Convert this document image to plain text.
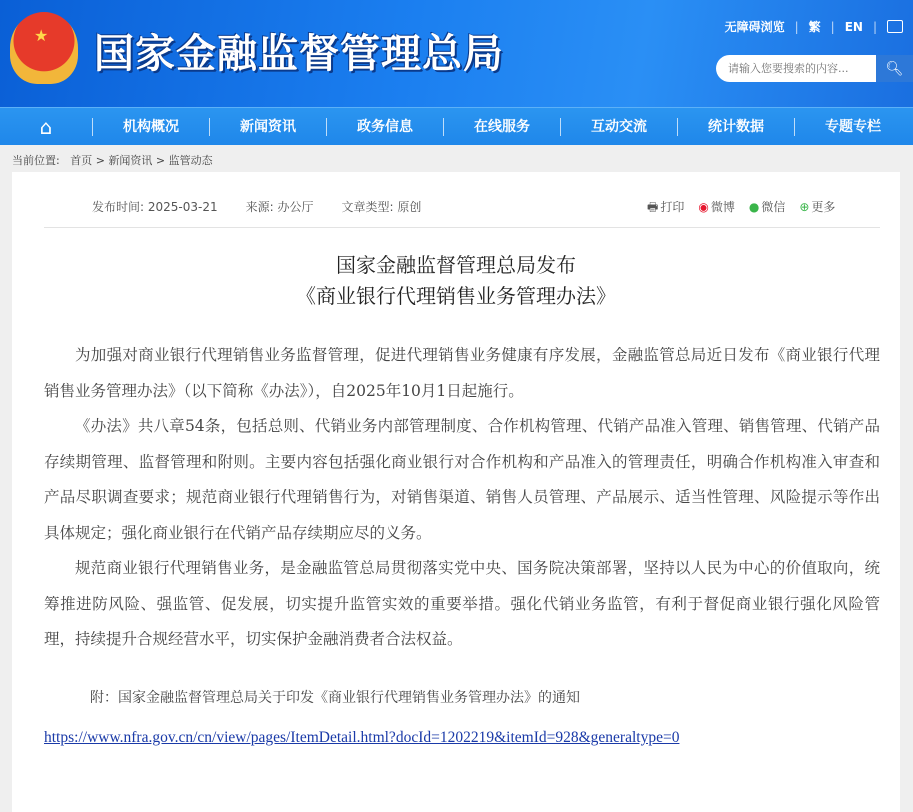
★ 国家金融监督管理总局
无障碍浏览 | 繁 | EN |
请输入您要搜索的内容...
🔍︎
⌂	机构概况	新闻资讯	政务信息	在线服务	互动交流	统计数据	专题专栏
当前位置: 首页 > 新闻资讯 > 监管动态
发布时间: 2025-03-21 来源: 办公厅 文章类型: 原创	🖶 打印 ◉ 微博 ● 微信 ⊕ 更多
国家金融监督管理总局发布
《商业银行代理销售业务管理办法》

为加强对商业银行代理销售业务监督管理，促进代理销售业务健康有序发展，金融监管总局近日发布《商业银行代理销售业务管理办法》（以下简称《办法》），自2025年10月1日起施行。

《办法》共八章54条，包括总则、代销业务内部管理制度、合作机构管理、代销产品准入管理、销售管理、代销产品存续期管理、监督管理和附则。主要内容包括强化商业银行对合作机构和产品准入的管理责任，明确合作机构准入审查和产品尽职调查要求；规范商业银行代理销售行为，对销售渠道、销售人员管理、产品展示、适当性管理、风险提示等作出具体规定；强化商业银行在代销产品存续期应尽的义务。

规范商业银行代理销售业务，是金融监管总局贯彻落实党中央、国务院决策部署，坚持以人民为中心的价值取向，统筹推进防风险、强监管、促发展，切实提升监管实效的重要举措。强化代销业务监管，有利于督促商业银行强化风险管理，持续提升合规经营水平，切实保护金融消费者合法权益。

附：国家金融监督管理总局关于印发《商业银行代理销售业务管理办法》的通知
https://www.nfra.gov.cn/cn/view/pages/ItemDetail.html?docId=1202219&itemId=928&generaltype=0
